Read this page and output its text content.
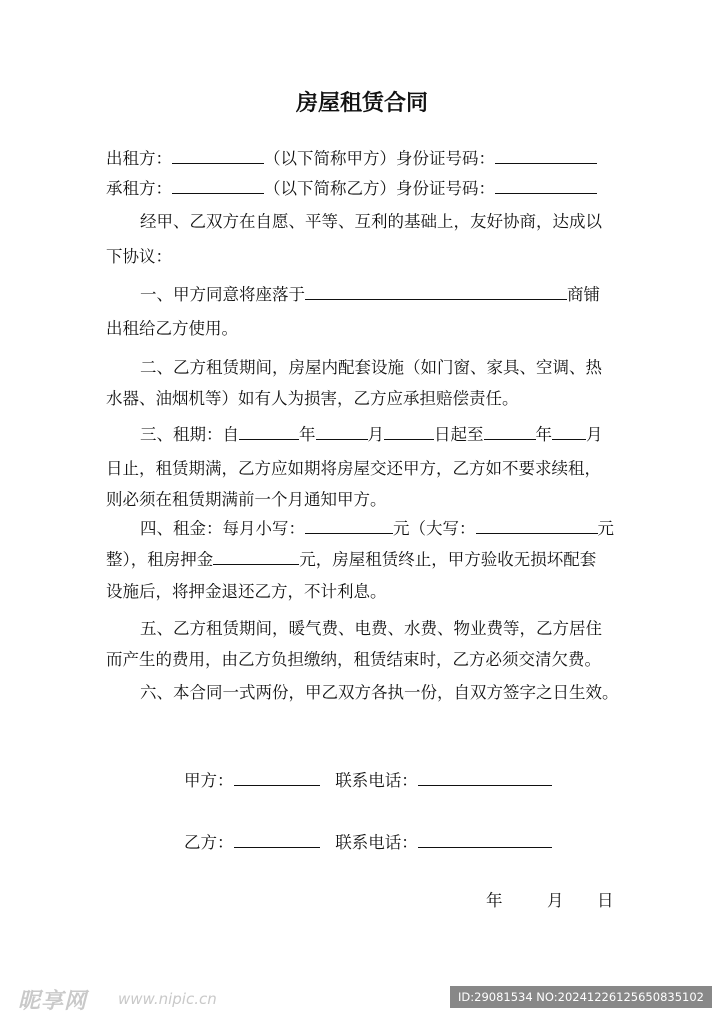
房屋租赁合同
出租方：	（以下简称甲方）身份证号码：
承租方：	（以下简称乙方）身份证号码：
经甲、乙双方在自愿、平等、互利的基础上，友好协商，达成以
下协议：
一、甲方同意将座落于	商铺
出租给乙方使用。
二、乙方租赁期间，房屋内配套设施（如门窗、家具、空调、热
水器、油烟机等）如有人为损害，乙方应承担赔偿责任。
三、租期：自	年	月	日起至	年 月
日止，租赁期满，乙方应如期将房屋交还甲方，乙方如不要求续租，
则必须在租赁期满前一个月通知甲方。
四、租金：每月小写：	元（大写：	元
整），租房押金	元，房屋租赁终止，甲方验收无损坏配套
设施后，将押金退还乙方，不计利息。
五、乙方租赁期间，暖气费、电费、水费、物业费等，乙方居住
而产生的费用，由乙方负担缴纳，租赁结束时，乙方必须交清欠费。
六、本合同一式两份，甲乙双方各执一份，自双方签字之日生效。
甲方：	联系电话：
乙方：	联系电话：
年	月 日
昵享网 www.nipic.cn	ID:29081534 NO:20241226125650835102
